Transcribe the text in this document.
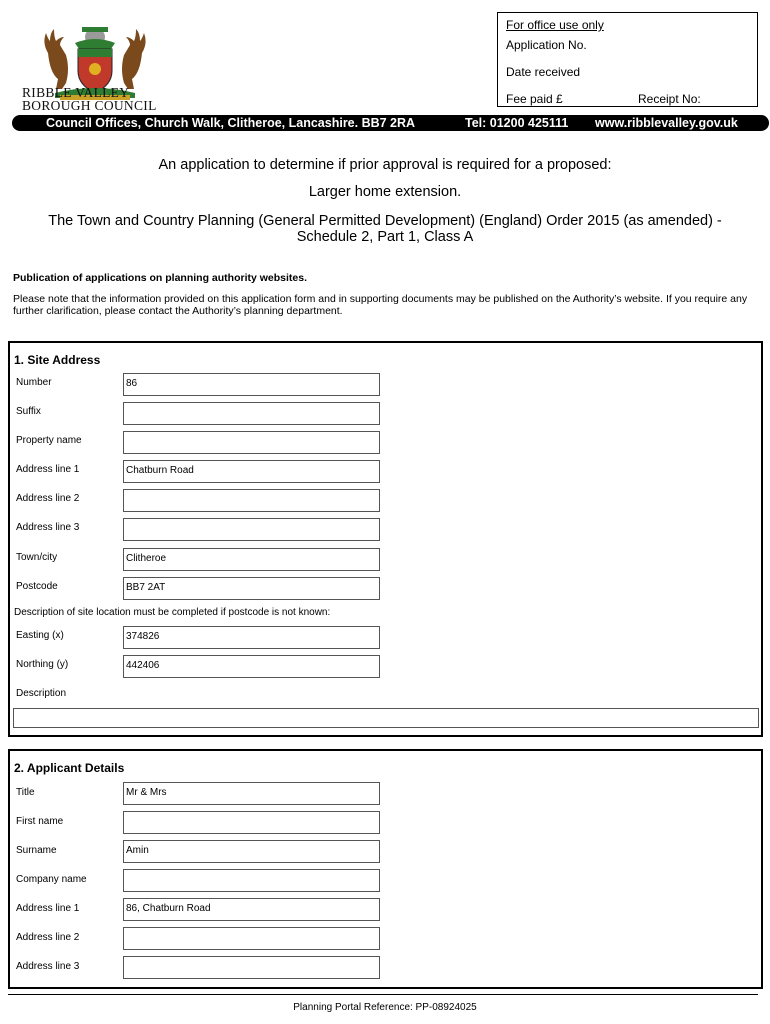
RIBBLE VALLEY
BOROUGH COUNCIL
For office use only
Application No.
Date received
Fee paid £	Receipt No:
Council Offices, Church Walk, Clitheroe, Lancashire. BB7 2RA	Tel: 01200 425111 www.ribblevalley.gov.uk
An application to determine if prior approval is required for a proposed:
Larger home extension.
The Town and Country Planning (General Permitted Development) (England) Order 2015 (as amended) -
Schedule 2, Part 1, Class A
Publication of applications on planning authority websites.
Please note that the information provided on this application form and in supporting documents may be published on the Authority’s website. If you require any further clarification, please contact the Authority’s planning department.
1. Site Address
Number	86
Suffix
Property name
Address line 1	Chatburn Road
Address line 2
Address line 3
Town/city	Clitheroe
Postcode	BB7 2AT
Description of site location must be completed if postcode is not known:
Easting (x)	374826
Northing (y)	442406
Description
2. Applicant Details
Title	Mr & Mrs
First name
Surname	Amin
Company name
Address line 1	86, Chatburn Road
Address line 2
Address line 3
Planning Portal Reference: PP-08924025
